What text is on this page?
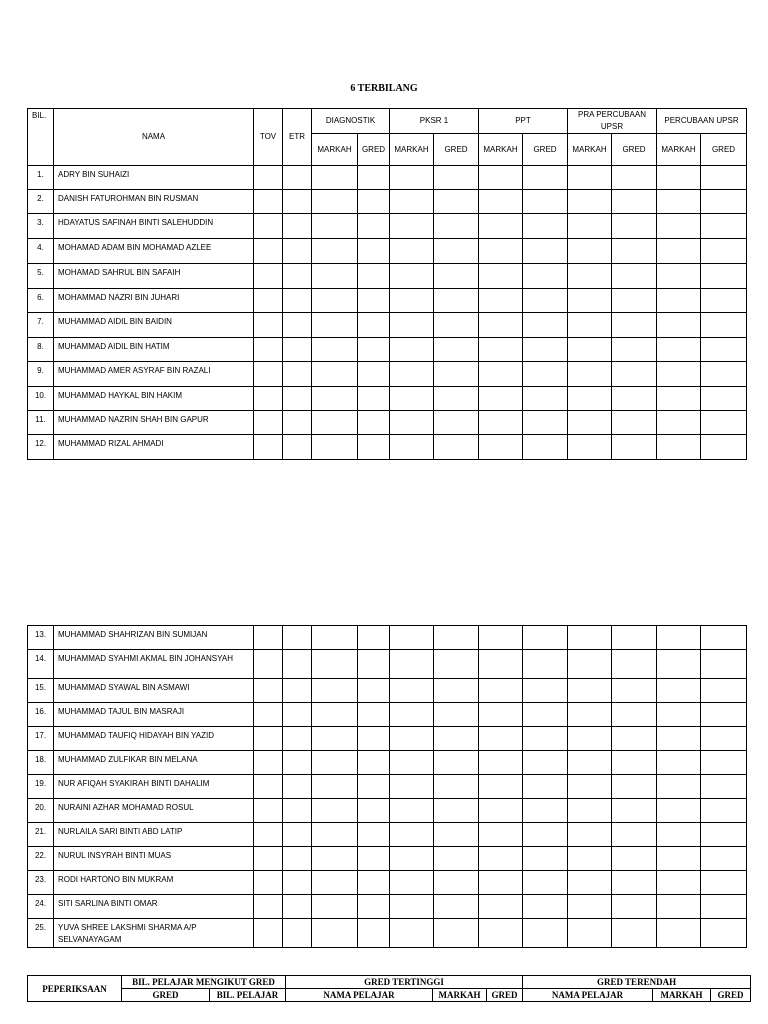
6 TERBILANG
BIL.	NAMA	TOV	ETR	DIAGNOSTIK		PKSR 1		PPT		PRA PERCUBAAN UPSR		PERCUBAAN UPSR	
				MARKAH	GRED	MARKAH	GRED	MARKAH	GRED	MARKAH	GRED	MARKAH	GRED
1.	ADRY BIN SUHAIZI												
2.	DANISH FATUROHMAN BIN RUSMAN												
3.	HDAYATUS SAFINAH BINTI SALEHUDDIN												
4.	MOHAMAD ADAM BIN MOHAMAD AZLEE												
5.	MOHAMAD SAHRUL BIN SAFAIH												
6.	MOHAMMAD NAZRI BIN JUHARI												
7.	MUHAMMAD AIDIL BIN BAIDIN												
8.	MUHAMMAD AIDIL BIN HATIM												
9.	MUHAMMAD AMER ASYRAF BIN RAZALI												
10.	MUHAMMAD HAYKAL BIN HAKIM												
11.	MUHAMMAD NAZRIN SHAH BIN GAPUR												
12.	MUHAMMAD RIZAL AHMADI												
13.	MUHAMMAD SHAHRIZAN BIN SUMIJAN												
14.	MUHAMMAD SYAHMI AKMAL BIN JOHANSYAH												
15.	MUHAMMAD SYAWAL BIN ASMAWI												
16.	MUHAMMAD TAJUL BIN MASRAJI												
17.	MUHAMMAD TAUFIQ HIDAYAH BIN YAZID												
18.	MUHAMMAD ZULFIKAR BIN MELANA												
19.	NUR AFIQAH SYAKIRAH BINTI DAHALIM												
20.	NURAINI AZHAR MOHAMAD ROSUL												
21.	NURLAILA SARI BINTI ABD LATIP												
22.	NURUL INSYRAH BINTI MUAS												
23.	RODI HARTONO BIN MUKRAM												
24.	SITI SARLINA BINTI OMAR												
25.	YUVA SHREE LAKSHMI SHARMA A/P SELVANAYAGAM												
PEPERIKSAAN	BIL. PELAJAR MENGIKUT GRED		GRED TERTINGGI			GRED TERENDAH		
	GRED	BIL. PELAJAR	NAMA PELAJAR	MARKAH	GRED	NAMA PELAJAR	MARKAH	GRED
